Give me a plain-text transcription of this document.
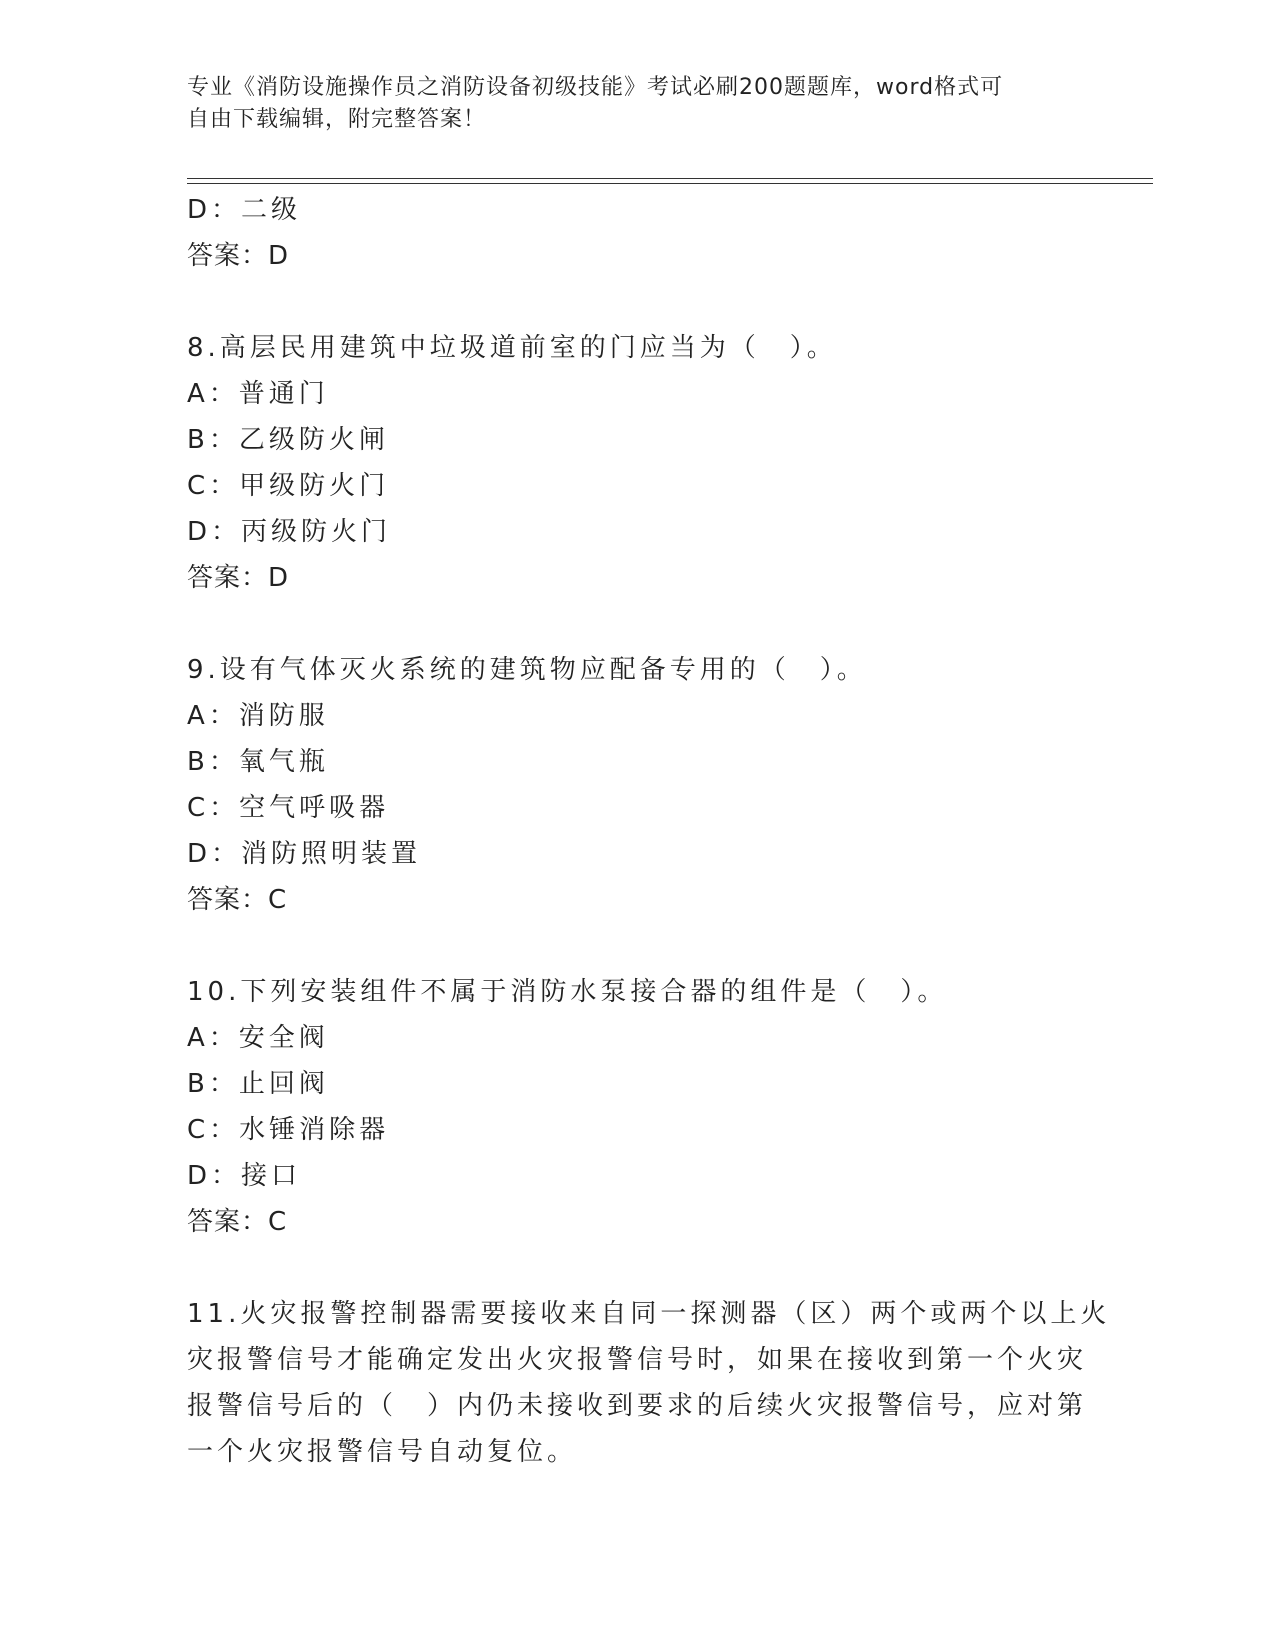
专业《消防设施操作员之消防设备初级技能》考试必刷200题题库，word格式可
自由下载编辑，附完整答案！
D：二级
答案：D
8.高层民用建筑中垃圾道前室的门应当为（　）。
A：普通门
B：乙级防火闸
C：甲级防火门
D：丙级防火门
答案：D
9.设有气体灭火系统的建筑物应配备专用的（　）。
A：消防服
B：氧气瓶
C：空气呼吸器
D：消防照明装置
答案：C
10.下列安装组件不属于消防水泵接合器的组件是（　）。
A：安全阀
B：止回阀
C：水锤消除器
D：接口
答案：C
11.火灾报警控制器需要接收来自同一探测器（区）两个或两个以上火
灾报警信号才能确定发出火灾报警信号时，如果在接收到第一个火灾
报警信号后的（　）内仍未接收到要求的后续火灾报警信号，应对第
一个火灾报警信号自动复位。
